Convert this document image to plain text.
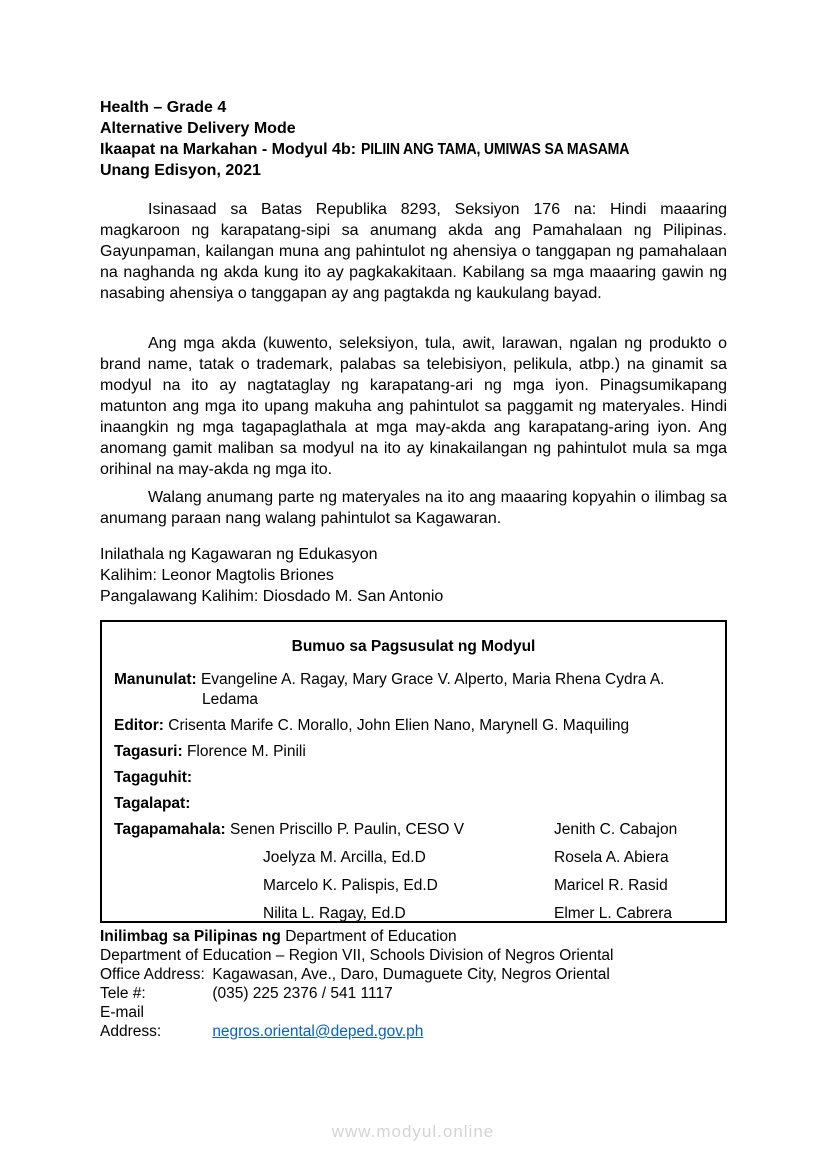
Health – Grade 4
Alternative Delivery Mode
Ikaapat na Markahan - Modyul 4b: PILIIN ANG TAMA, UMIWAS SA MASAMA
Unang Edisyon, 2021

Isinasaad sa Batas Republika 8293, Seksiyon 176 na: Hindi maaaring magkaroon ng karapatang-sipi sa anumang akda ang Pamahalaan ng Pilipinas. Gayunpaman, kailangan muna ang pahintulot ng ahensiya o tanggapan ng pamahalaan na naghanda ng akda kung ito ay pagkakakitaan. Kabilang sa mga maaaring gawin ng nasabing ahensiya o tanggapan ay ang pagtakda ng kaukulang bayad.

Ang mga akda (kuwento, seleksiyon, tula, awit, larawan, ngalan ng produkto o brand name, tatak o trademark, palabas sa telebisiyon, pelikula, atbp.) na ginamit sa modyul na ito ay nagtataglay ng karapatang-ari ng mga iyon. Pinagsumikapang matunton ang mga ito upang makuha ang pahintulot sa paggamit ng materyales. Hindi inaangkin ng mga tagapaglathala at mga may-akda ang karapatang-aring iyon. Ang anomang gamit maliban sa modyul na ito ay kinakailangan ng pahintulot mula sa mga orihinal na may-akda ng mga ito.

Walang anumang parte ng materyales na ito ang maaaring kopyahin o ilimbag sa anumang paraan nang walang pahintulot sa Kagawaran.

Inilathala ng Kagawaran ng Edukasyon
Kalihim: Leonor Magtolis Briones
Pangalawang Kalihim: Diosdado M. San Antonio
Bumuo sa Pagsusulat ng Modyul
Manunulat: Evangeline A. Ragay, Mary Grace V. Alperto, Maria Rhena Cydra A.
Ledama
Editor: Crisenta Marife C. Morallo, John Elien Nano, Marynell G. Maquiling
Tagasuri: Florence M. Pinili
Tagaguhit:
Tagalapat:
Tagapamahala: Senen Priscillo P. Paulin, CESO V	Jenith C. Cabajon
Joelyza M. Arcilla, Ed.D	Rosela A. Abiera
Marcelo K. Palispis, Ed.D	Maricel R. Rasid
Nilita L. Ragay, Ed.D	Elmer L. Cabrera
Inilimbag sa Pilipinas ng Department of Education
Department of Education – Region VII, Schools Division of Negros Oriental
Office Address: Kagawasan, Ave., Daro, Dumaguete City, Negros Oriental
Tele #:	(035) 225 2376 / 541 1117
E-mail Address:	negros.oriental@deped.gov.ph
www.modyul.online
